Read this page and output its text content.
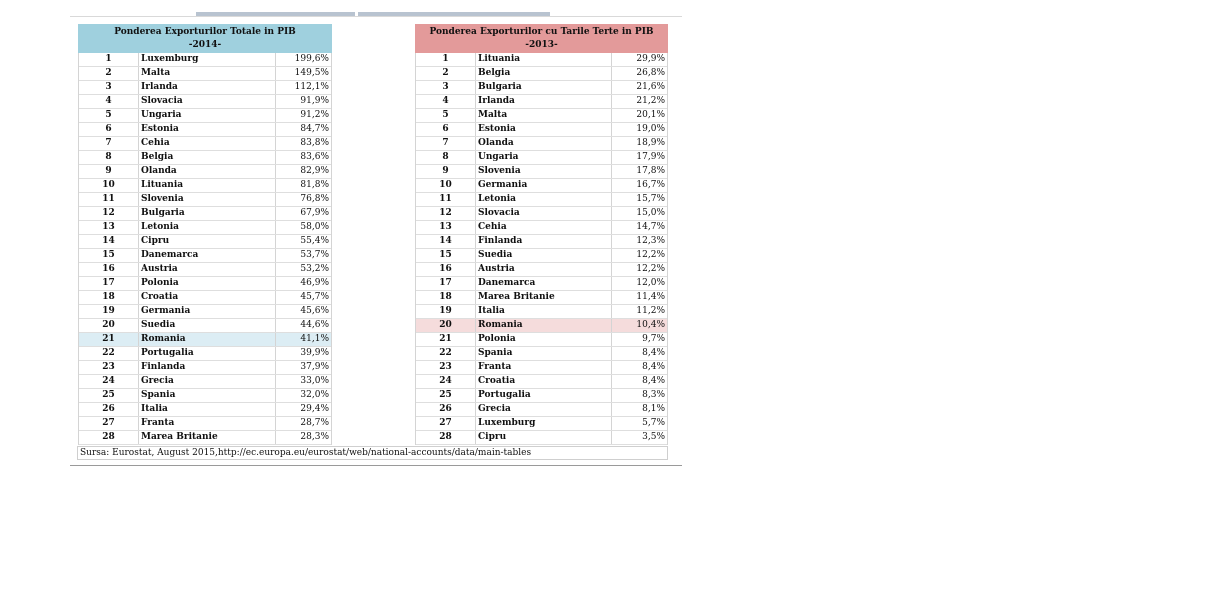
Ponderea Exporturilor Totale in PIB
-2014-
1	Luxemburg	199,6%
2	Malta	149,5%
3	Irlanda	112,1%
4	Slovacia	91,9%
5	Ungaria	91,2%
6	Estonia	84,7%
7	Cehia	83,8%
8	Belgia	83,6%
9	Olanda	82,9%
10	Lituania	81,8%
11	Slovenia	76,8%
12	Bulgaria	67,9%
13	Letonia	58,0%
14	Cipru	55,4%
15	Danemarca	53,7%
16	Austria	53,2%
17	Polonia	46,9%
18	Croatia	45,7%
19	Germania	45,6%
20	Suedia	44,6%
21	Romania	41,1%
22	Portugalia	39,9%
23	Finlanda	37,9%
24	Grecia	33,0%
25	Spania	32,0%
26	Italia	29,4%
27	Franta	28,7%
28	Marea Britanie	28,3%
Ponderea Exporturilor cu Tarile Terte in PIB
-2013-
1	Lituania	29,9%
2	Belgia	26,8%
3	Bulgaria	21,6%
4	Irlanda	21,2%
5	Malta	20,1%
6	Estonia	19,0%
7	Olanda	18,9%
8	Ungaria	17,9%
9	Slovenia	17,8%
10	Germania	16,7%
11	Letonia	15,7%
12	Slovacia	15,0%
13	Cehia	14,7%
14	Finlanda	12,3%
15	Suedia	12,2%
16	Austria	12,2%
17	Danemarca	12,0%
18	Marea Britanie	11,4%
19	Italia	11,2%
20	Romania	10,4%
21	Polonia	9,7%
22	Spania	8,4%
23	Franta	8,4%
24	Croatia	8,4%
25	Portugalia	8,3%
26	Grecia	8,1%
27	Luxemburg	5,7%
28	Cipru	3,5%
Sursa: Eurostat, August 2015,http://ec.europa.eu/eurostat/web/national-accounts/data/main-tables
